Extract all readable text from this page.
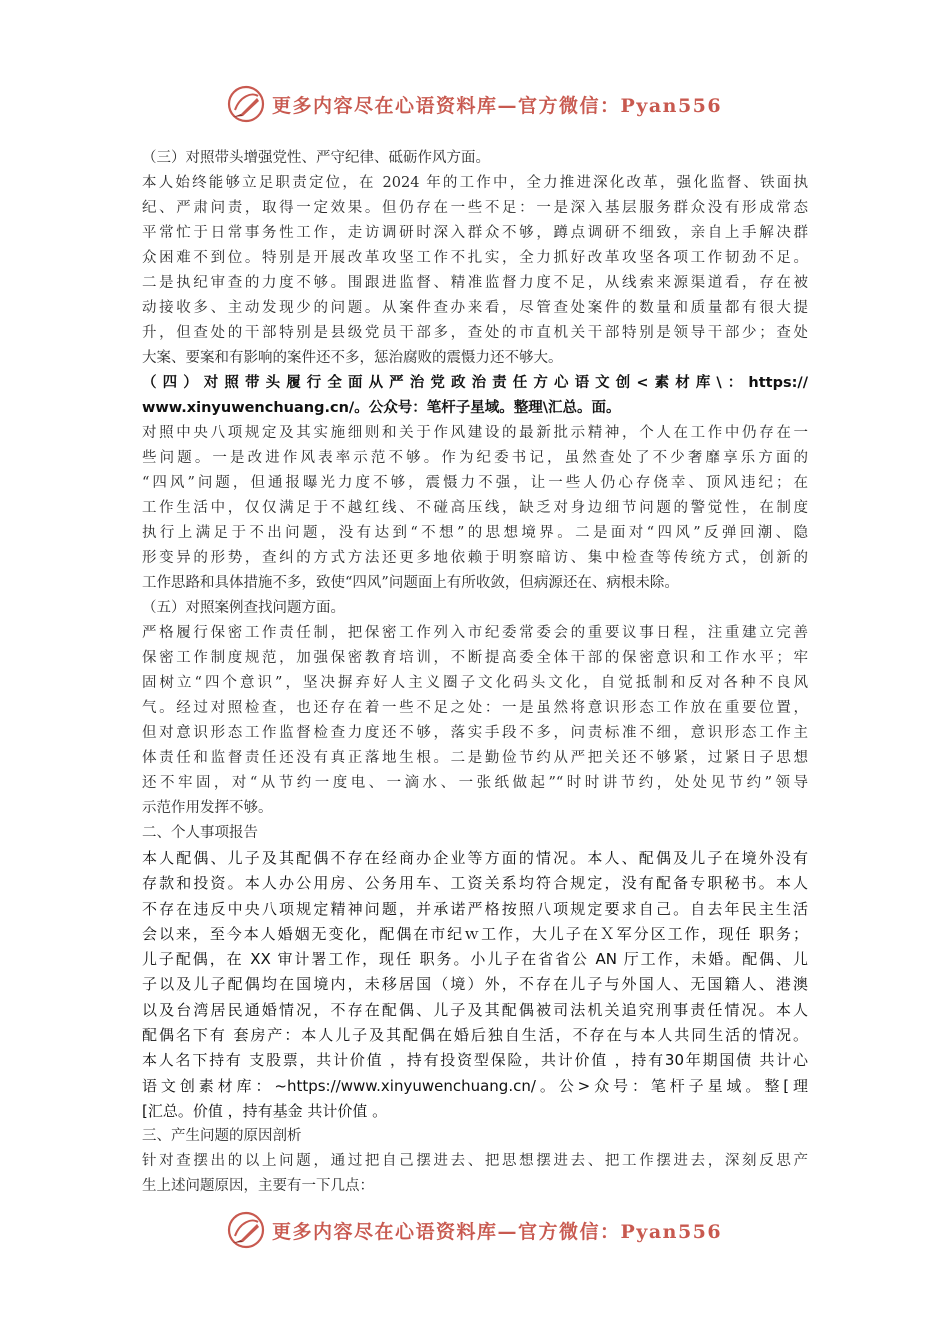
更多内容尽在心语资料库—官方微信：Pyan556
（三）对照带头增强党性、严守纪律、砥砺作风方面。
本人始终能够立足职责定位，在 2024 年的工作中，全力推进深化改革，强化监督、铁面执
纪、严肃问责，取得一定效果。但仍存在一些不足：一是深入基层服务群众没有形成常态
平常忙于日常事务性工作，走访调研时深入群众不够，蹲点调研不细致，亲自上手解决群
众困难不到位。特别是开展改革攻坚工作不扎实，全力抓好改革攻坚各项工作韧劲不足。
二是执纪审查的力度不够。围跟进监督、精准监督力度不足，从线索来源渠道看，存在被
动接收多、主动发现少的问题。从案件查办来看，尽管查处案件的数量和质量都有很大提
升，但查处的干部特别是县级党员干部多，查处的市直机关干部特别是领导干部少；查处
大案、要案和有影响的案件还不多，惩治腐败的震慑力还不够大。
（四）对照带头履行全面从严治党政治责任方心语文创<素材库\：https://
www.xinyuwenchuang.cn/。公众号：笔杆子星域。整理\汇总。面。
对照中央八项规定及其实施细则和关于作风建设的最新批示精神，个人在工作中仍存在一
些问题。一是改进作风表率示范不够。作为纪委书记，虽然查处了不少奢靡享乐方面的
“四风”问题，但通报曝光力度不够，震慑力不强，让一些人仍心存侥幸、顶风违纪；在
工作生活中，仅仅满足于不越红线、不碰高压线，缺乏对身边细节问题的警觉性，在制度
执行上满足于不出问题，没有达到“不想”的思想境界。二是面对“四风”反弹回潮、隐
形变异的形势，查纠的方式方法还更多地依赖于明察暗访、集中检查等传统方式，创新的
工作思路和具体措施不多，致使“四风”问题面上有所收敛，但病源还在、病根未除。
（五）对照案例查找问题方面。
严格履行保密工作责任制，把保密工作列入市纪委常委会的重要议事日程，注重建立完善
保密工作制度规范，加强保密教育培训，不断提高委全体干部的保密意识和工作水平；牢
固树立“四个意识”，坚决摒弃好人主义圈子文化码头文化，自觉抵制和反对各种不良风
气。经过对照检查，也还存在着一些不足之处：一是虽然将意识形态工作放在重要位置，
但对意识形态工作监督检查力度还不够，落实手段不多，问责标准不细，意识形态工作主
体责任和监督责任还没有真正落地生根。二是勤俭节约从严把关还不够紧，过紧日子思想
还不牢固，对“从节约一度电、一滴水、一张纸做起”“时时讲节约，处处见节约”领导
示范作用发挥不够。
二、个人事项报告
本人配偶、儿子及其配偶不存在经商办企业等方面的情况。本人、配偶及儿子在境外没有
存款和投资。本人办公用房、公务用车、工资关系均符合规定，没有配备专职秘书。本人
不存在违反中央八项规定精神问题，并承诺严格按照八项规定要求自己。自去年民主生活
会以来，至今本人婚姻无变化，配偶在市纪ｗ工作，大儿子在Ｘ军分区工作，现任 职务；
儿子配偶，在 XX 审计署工作，现任 职务。小儿子在省省公 AN 厅工作，未婚。配偶、儿
子以及儿子配偶均在国境内，未移居国（境）外，不存在儿子与外国人、无国籍人、港澳
以及台湾居民通婚情况，不存在配偶、儿子及其配偶被司法机关追究刑事责任情况。本人
配偶名下有 套房产：本人儿子及其配偶在婚后独自生活，不存在与本人共同生活的情况。
本人名下持有 支股票，共计价值 ，持有投资型保险，共计价值 ，持有30年期国债 共计心
语文创素材库：~https://www.xinyuwenchuang.cn/。公>众号：笔杆子星域。整[理
[汇总。价值 ，持有基金 共计价值 。
三、产生问题的原因剖析
针对查摆出的以上问题，通过把自己摆进去、把思想摆进去、把工作摆进去，深刻反思产
生上述问题原因，主要有一下几点：
更多内容尽在心语资料库—官方微信：Pyan556
